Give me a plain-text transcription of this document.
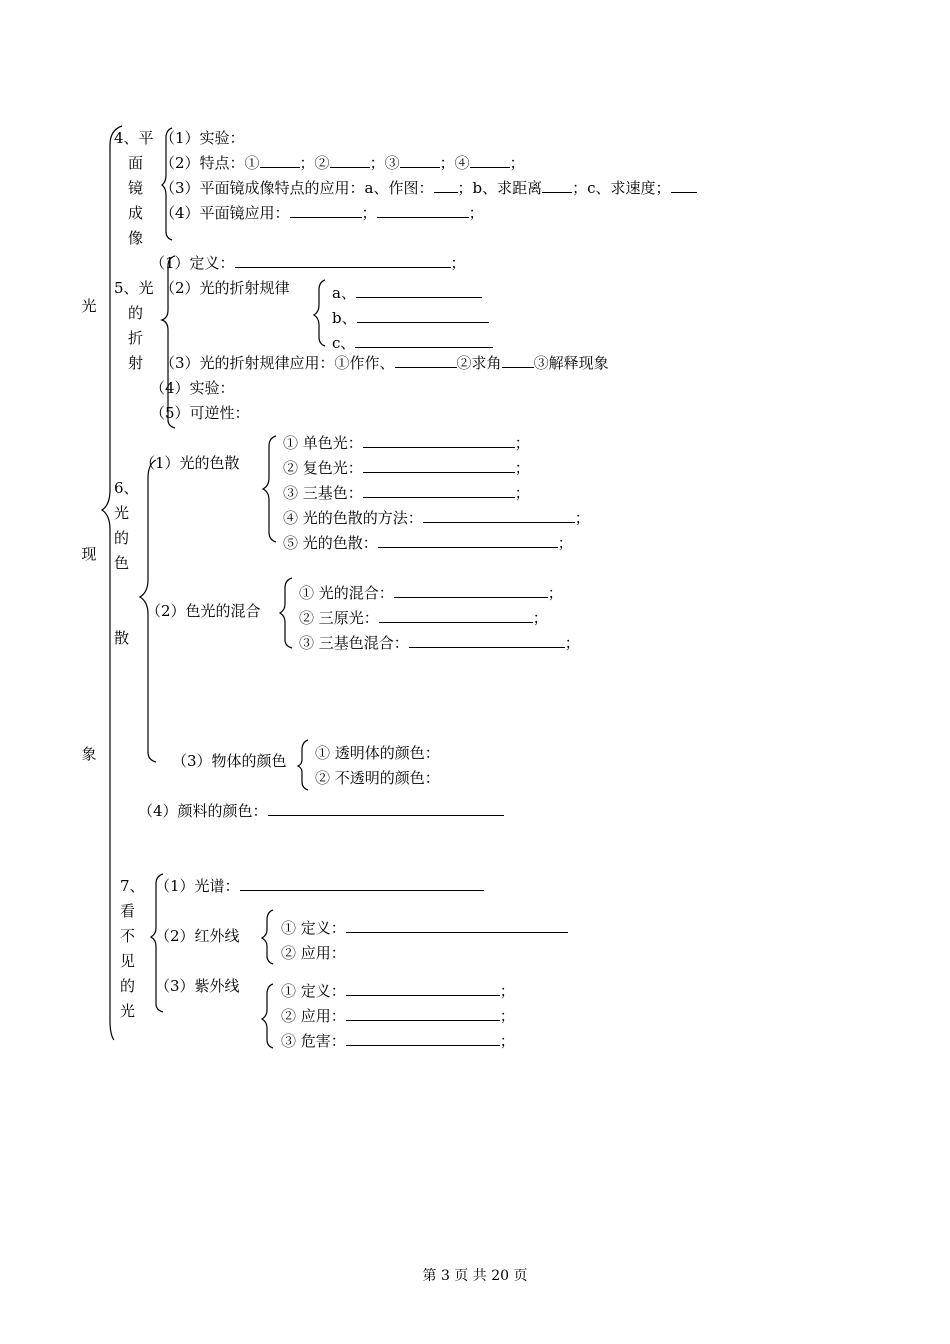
光
现
象
4、平
面
镜
成
像
（1）实验：
（2）特点：①	；②	；③	；④	；
（3）平面镜成像特点的应用：a、作图： ；b、求距离 ；c、求速度；
（4）平面镜应用：	；	；
5、光
的
折
射
（1）定义：	；
（2）光的折射规律	a、
b、
c、
（3）光的折射规律应用：①作作、	②求角 ③解释现象
（4）实验：
（5）可逆性：
6、
光
的
色
散
（1）光的色散
① 单色光：	；
② 复色光：	；
③ 三基色：	；
④ 光的色散的方法：	；
⑤ 光的色散：	；
（2）色光的混合
① 光的混合：	；
② 三原光：	；
③ 三基色混合：	；
（3）物体的颜色 ① 透明体的颜色：
② 不透明的颜色：
（4）颜料的颜色：
7、
看
不
见
的
光
（1）光谱：
（2）红外线	① 定义：
② 应用：
（3）紫外线	① 定义：	；
② 应用：	；
③ 危害：	；
第 3 页 共 20 页
